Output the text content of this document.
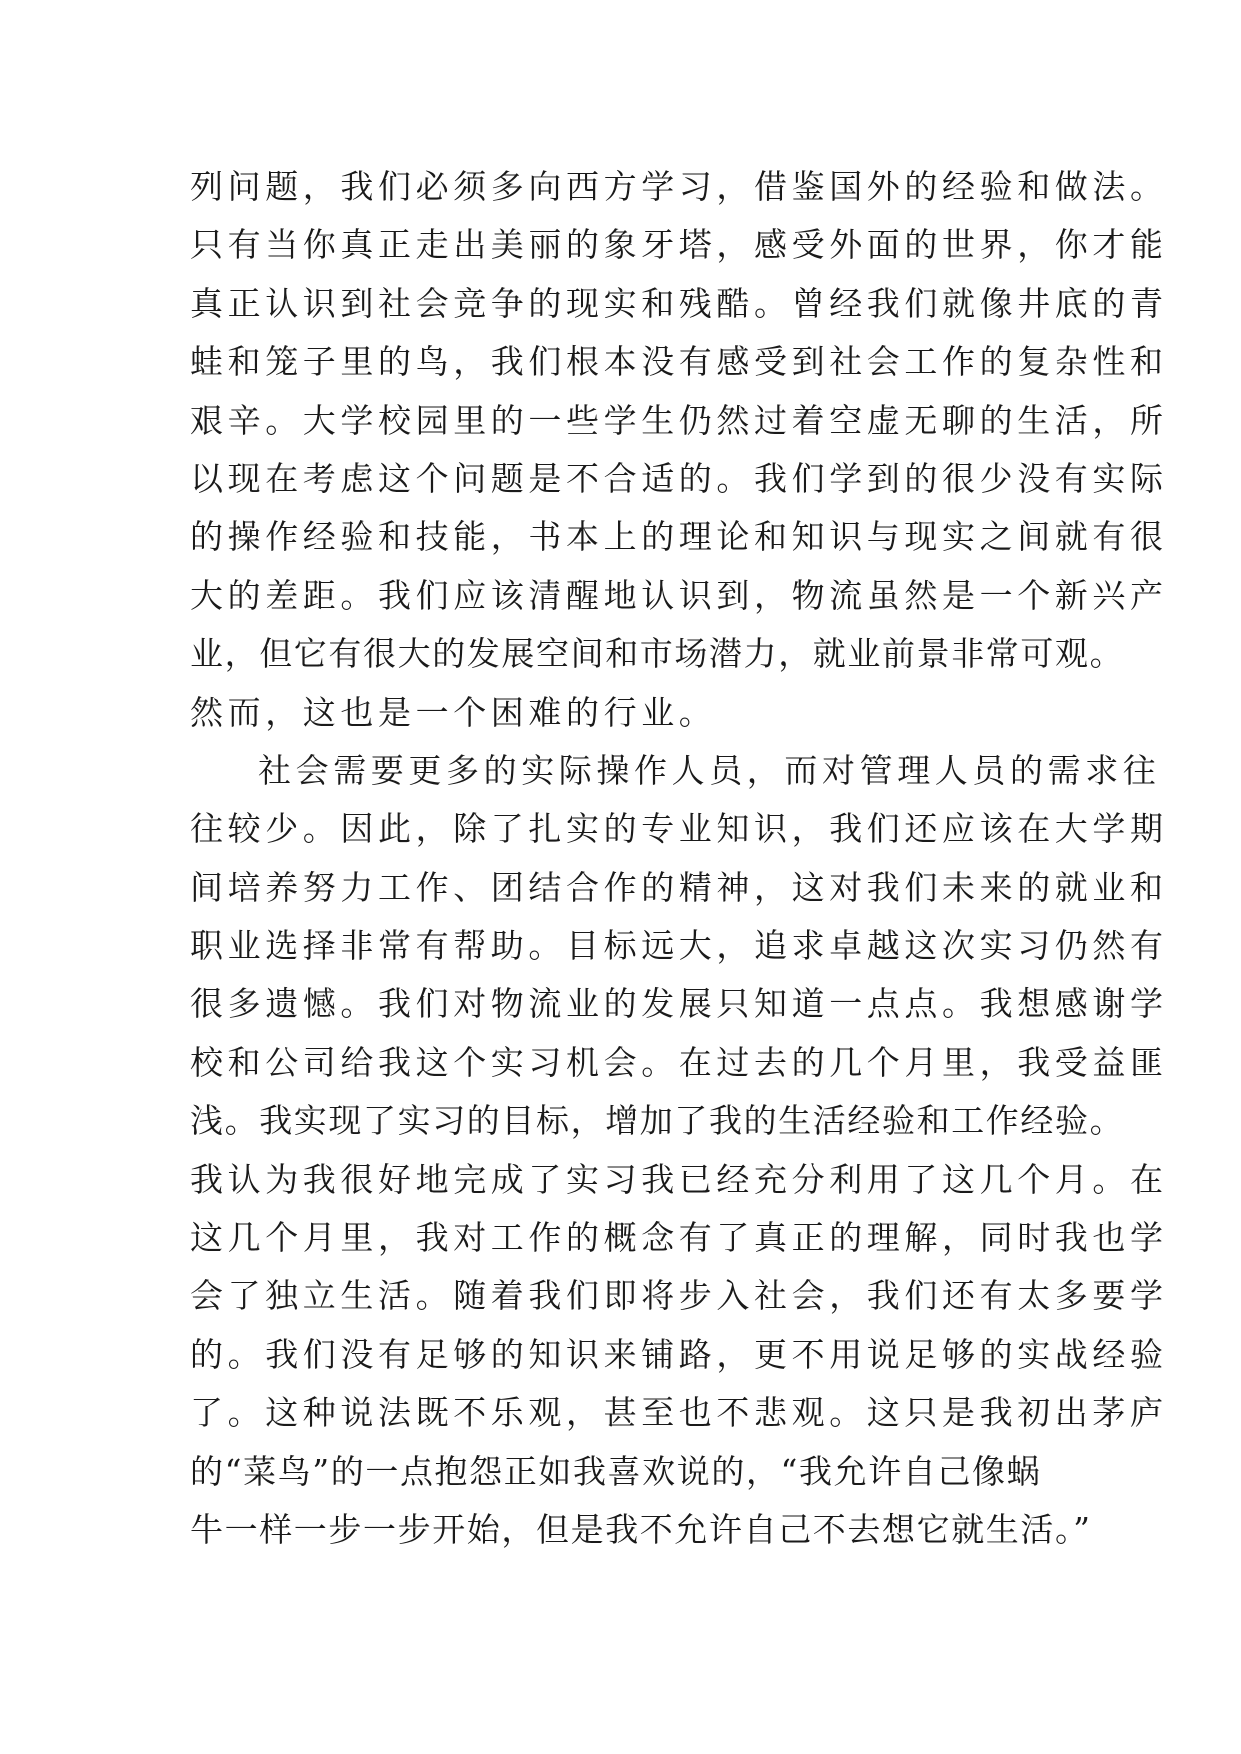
列问题，我们必须多向西方学习，借鉴国外的经验和做法。
只有当你真正走出美丽的象牙塔，感受外面的世界，你才能
真正认识到社会竞争的现实和残酷。曾经我们就像井底的青
蛙和笼子里的鸟，我们根本没有感受到社会工作的复杂性和
艰辛。大学校园里的一些学生仍然过着空虚无聊的生活，所
以现在考虑这个问题是不合适的。我们学到的很少没有实际
的操作经验和技能，书本上的理论和知识与现实之间就有很
大的差距。我们应该清醒地认识到，物流虽然是一个新兴产
业，但它有很大的发展空间和市场潜力，就业前景非常可观。
然而，这也是一个困难的行业。
社会需要更多的实际操作人员，而对管理人员的需求往
往较少。因此，除了扎实的专业知识，我们还应该在大学期
间培养努力工作、团结合作的精神，这对我们未来的就业和
职业选择非常有帮助。目标远大，追求卓越这次实习仍然有
很多遗憾。我们对物流业的发展只知道一点点。我想感谢学
校和公司给我这个实习机会。在过去的几个月里，我受益匪
浅。我实现了实习的目标，增加了我的生活经验和工作经验。
我认为我很好地完成了实习我已经充分利用了这几个月。在
这几个月里，我对工作的概念有了真正的理解，同时我也学
会了独立生活。随着我们即将步入社会，我们还有太多要学
的。我们没有足够的知识来铺路，更不用说足够的实战经验
了。这种说法既不乐观，甚至也不悲观。这只是我初出茅庐
的“菜鸟”的一点抱怨正如我喜欢说的，“我允许自己像蜗
牛一样一步一步开始，但是我不允许自己不去想它就生活。”
